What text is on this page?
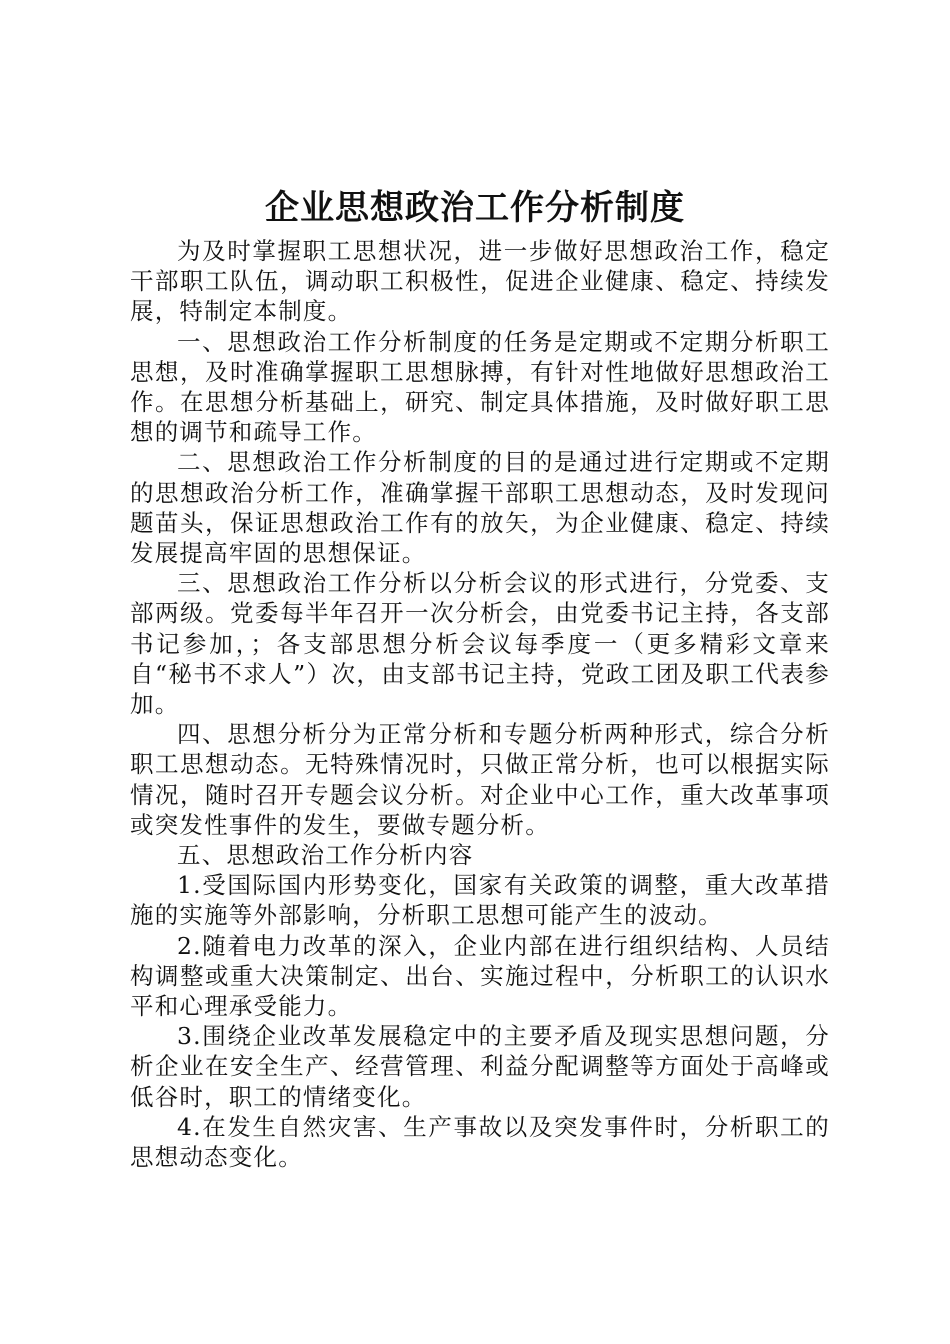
企业思想政治工作分析制度

为及时掌握职工思想状况，进一步做好思想政治工作，稳定干部职工队伍，调动职工积极性，促进企业健康、稳定、持续发展，特制定本制度。

一、思想政治工作分析制度的任务是定期或不定期分析职工思想，及时准确掌握职工思想脉搏，有针对性地做好思想政治工作。在思想分析基础上，研究、制定具体措施，及时做好职工思想的调节和疏导工作。

二、思想政治工作分析制度的目的是通过进行定期或不定期的思想政治分析工作，准确掌握干部职工思想动态，及时发现问题苗头，保证思想政治工作有的放矢，为企业健康、稳定、持续发展提高牢固的思想保证。

三、思想政治工作分析以分析会议的形式进行，分党委、支部两级。党委每半年召开一次分析会，由党委书记主持，各支部书记参加，；各支部思想分析会议每季度一（更多精彩文章来自“秘书不求人”）次，由支部书记主持，党政工团及职工代表参加。

四、思想分析分为正常分析和专题分析两种形式，综合分析职工思想动态。无特殊情况时，只做正常分析，也可以根据实际情况，随时召开专题会议分析。对企业中心工作，重大改革事项或突发性事件的发生，要做专题分析。

五、思想政治工作分析内容

1.受国际国内形势变化，国家有关政策的调整，重大改革措施的实施等外部影响，分析职工思想可能产生的波动。

2.随着电力改革的深入，企业内部在进行组织结构、人员结构调整或重大决策制定、出台、实施过程中，分析职工的认识水平和心理承受能力。

3.围绕企业改革发展稳定中的主要矛盾及现实思想问题，分析企业在安全生产、经营管理、利益分配调整等方面处于高峰或低谷时，职工的情绪变化。

4.在发生自然灾害、生产事故以及突发事件时，分析职工的思想动态变化。
